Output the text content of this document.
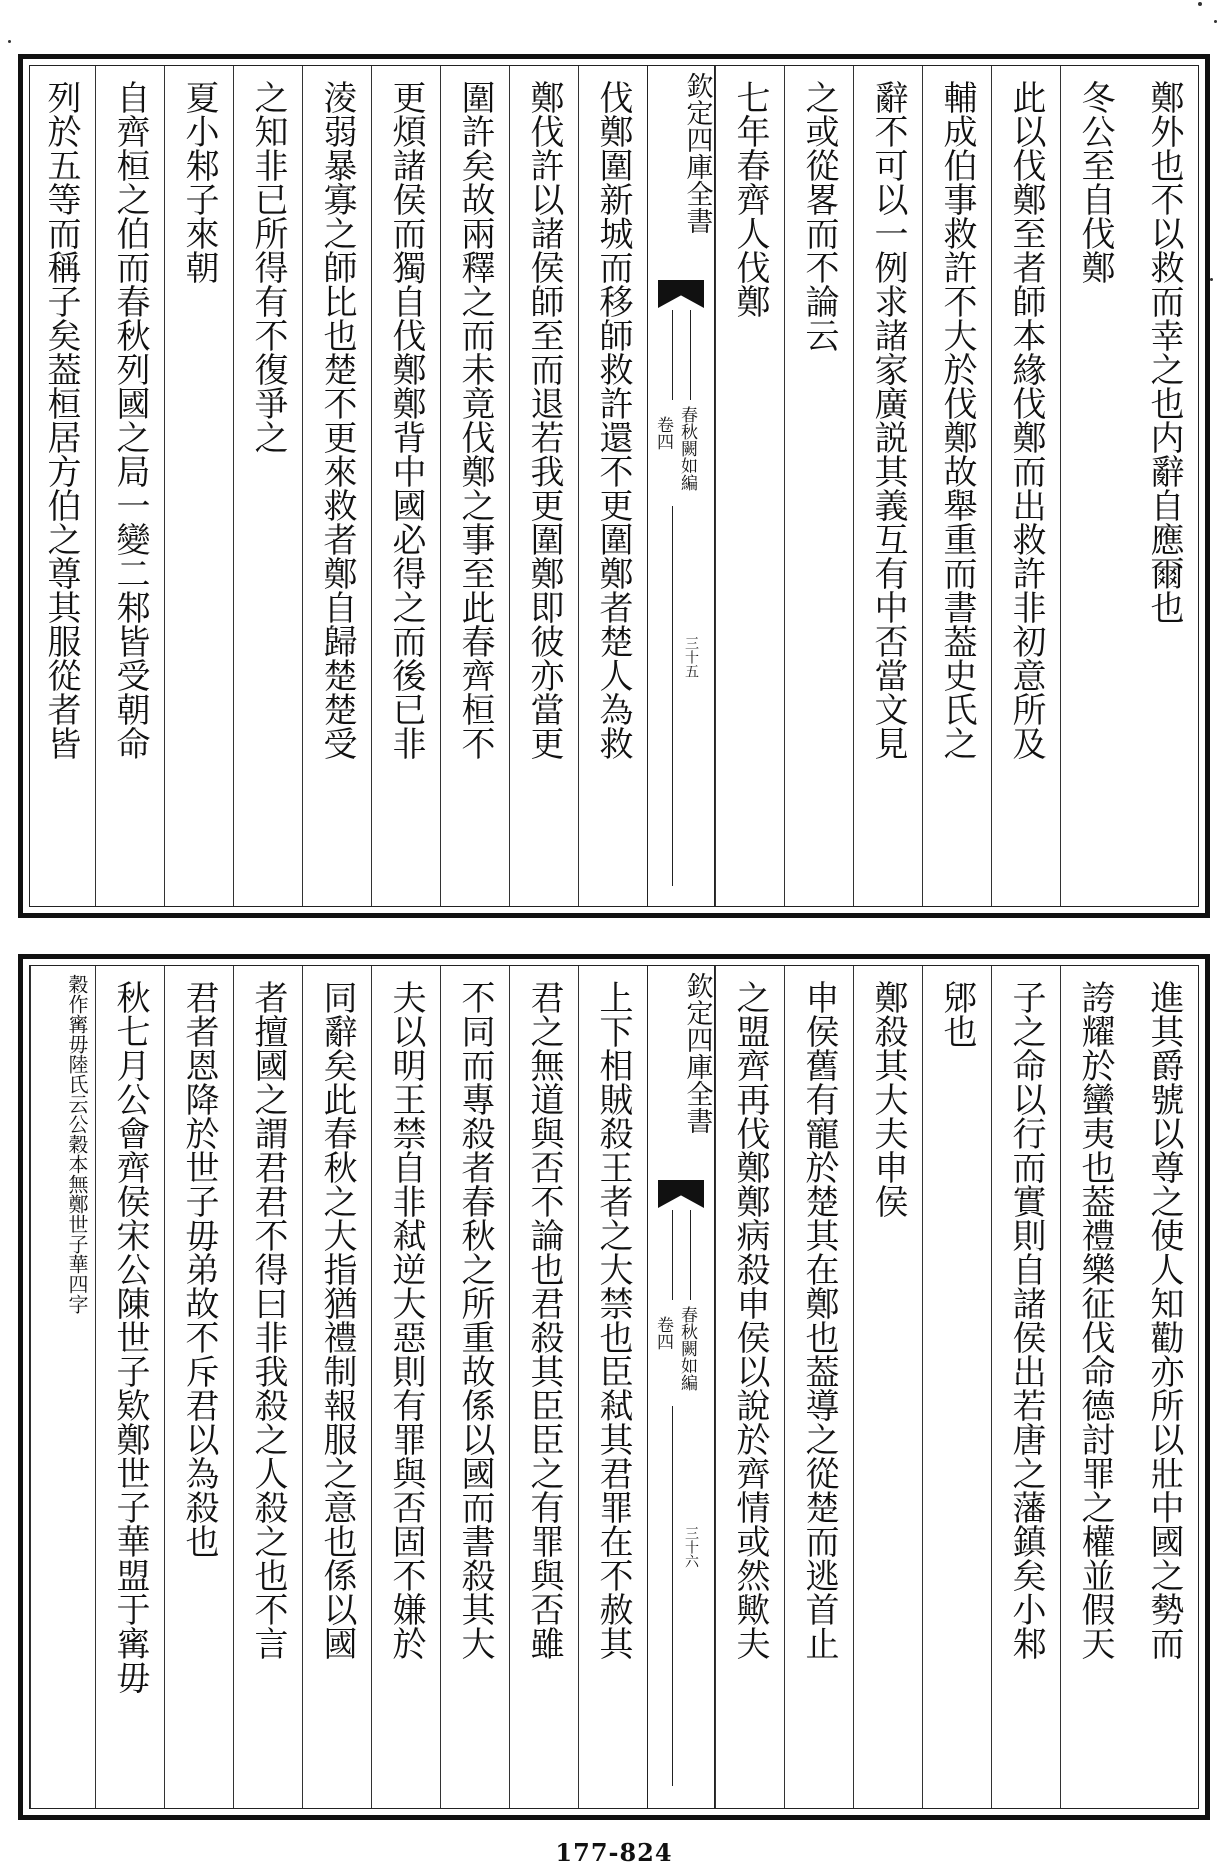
鄭外也不以救而幸之也内辭自應爾也
冬公至自伐鄭
此以伐鄭至者師本緣伐鄭而出救許非初意所及
輔成伯事救許不大於伐鄭故舉重而書葢史氏之
辭不可以一例求諸家廣説其義互有中否當文見
之或從畧而不論云
七年春齊人伐鄭
欽定四庫全書
春秋闕如編
卷四
三十五
伐鄭圍新城而移師救許還不更圍鄭者楚人為救
鄭伐許以諸侯師至而退若我更圍鄭即彼亦當更
圍許矣故兩釋之而未竟伐鄭之事至此春齊桓不
更煩諸侯而獨自伐鄭鄭背中國必得之而後已非
淩弱暴寡之師比也楚不更來救者鄭自歸楚楚受
之知非已所得有不復爭之
夏小邾子來朝
自齊桓之伯而春秋列國之局一變二邾皆受朝命
列於五等而稱子矣葢桓居方伯之尊其服從者皆
進其爵號以尊之使人知勸亦所以壯中國之勢而
誇耀於蠻夷也葢禮樂征伐命德討罪之權並假天
子之命以行而實則自諸侯出若唐之藩鎮矣小邾
郳也
鄭殺其大夫申侯
申侯舊有寵於楚其在鄭也葢導之從楚而逃首止
之盟齊再伐鄭鄭病殺申侯以說於齊情或然歟夫
欽定四庫全書
春秋闕如編
卷四
三十六
上下相賊殺王者之大禁也臣弒其君罪在不赦其
君之無道與否不論也君殺其臣臣之有罪與否雖
不同而專殺者春秋之所重故係以國而書殺其大
夫以明王禁自非弒逆大惡則有罪與否固不嫌於
同辭矣此春秋之大指猶禮制報服之意也係以國
者擅國之謂君君不得曰非我殺之人殺之也不言
君者恩降於世子毋弟故不斥君以為殺也
秋七月公會齊侯宋公陳世子欵鄭世子華盟于寗毋
穀作寗毋陸氏云公穀本無鄭世子華四字
177-824
